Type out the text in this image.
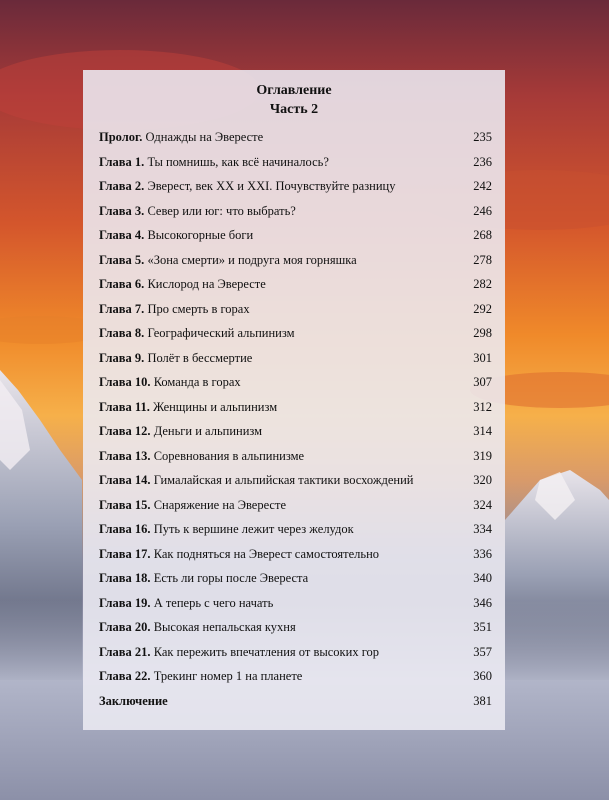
Оглавление
Часть 2
Пролог. Однажды на Эвересте	235
Глава 1. Ты помнишь, как всё начиналось?	236
Глава 2. Эверест, век XX и XXI. Почувствуйте разницу	242
Глава 3. Север или юг: что выбрать?	246
Глава 4. Высокогорные боги	268
Глава 5. «Зона смерти» и подруга моя горняшка	278
Глава 6. Кислород на Эвересте	282
Глава 7. Про смерть в горах	292
Глава 8. Географический альпинизм	298
Глава 9. Полёт в бессмертие	301
Глава 10. Команда в горах	307
Глава 11. Женщины и альпинизм	312
Глава 12. Деньги и альпинизм	314
Глава 13. Соревнования в альпинизме	319
Глава 14. Гималайская и альпийская тактики восхождений	320
Глава 15. Снаряжение на Эвересте	324
Глава 16. Путь к вершине лежит через желудок	334
Глава 17. Как подняться на Эверест самостоятельно	336
Глава 18. Есть ли горы после Эвереста	340
Глава 19. А теперь с чего начать	346
Глава 20. Высокая непальская кухня	351
Глава 21. Как пережить впечатления от высоких гор	357
Глава 22. Трекинг номер 1 на планете	360
Заключение	381
